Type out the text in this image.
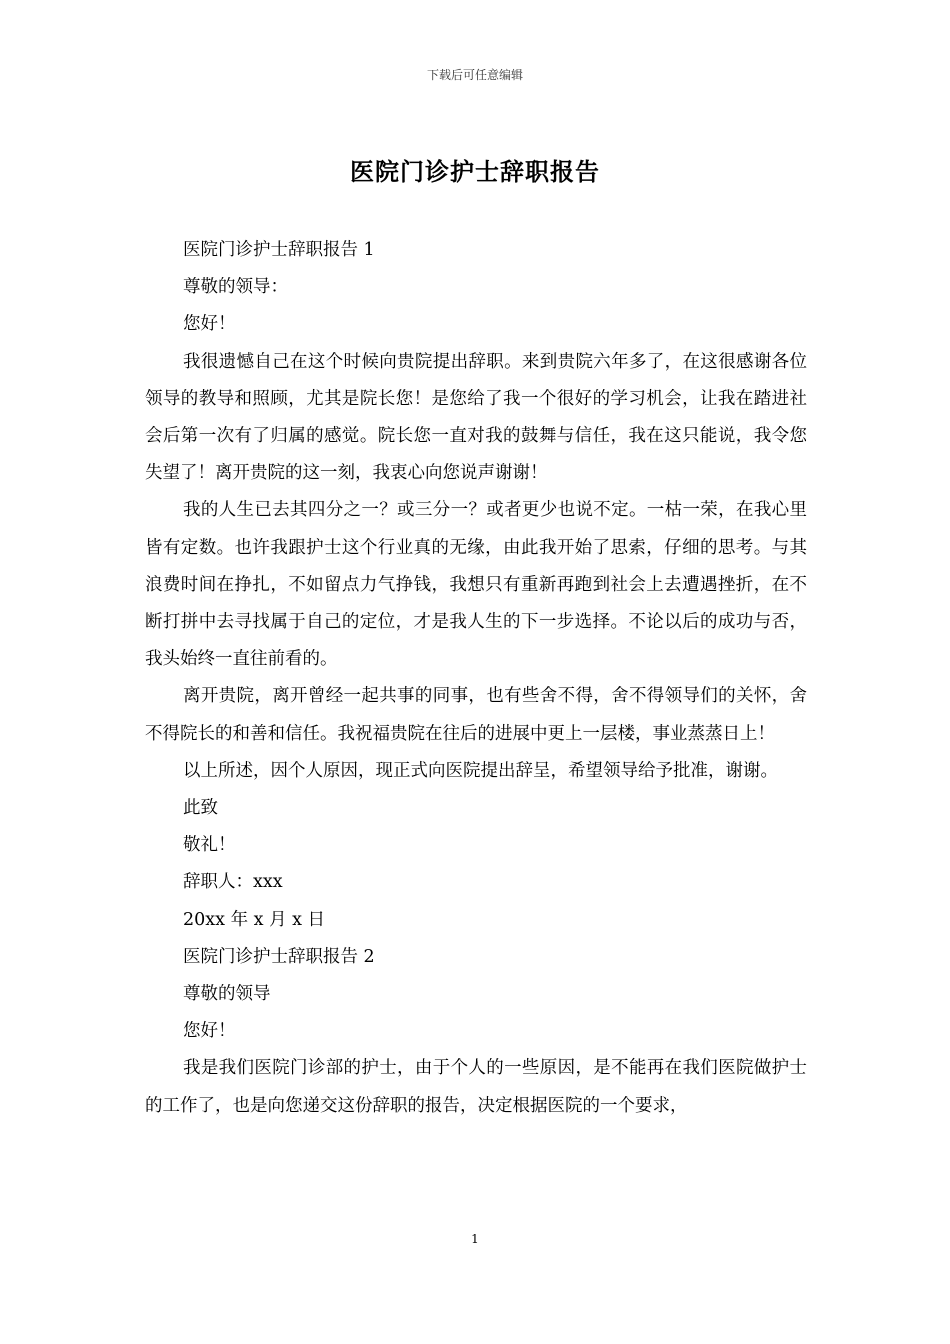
下载后可任意编辑
医院门诊护士辞职报告

医院门诊护士辞职报告 1

尊敬的领导：

您好！

我很遗憾自己在这个时候向贵院提出辞职。来到贵院六年多了，在这很感谢各位领导的教导和照顾，尤其是院长您！是您给了我一个很好的学习机会，让我在踏进社会后第一次有了归属的感觉。院长您一直对我的鼓舞与信任，我在这只能说，我令您失望了！离开贵院的这一刻，我衷心向您说声谢谢！

我的人生已去其四分之一？或三分一？或者更少也说不定。一枯一荣，在我心里皆有定数。也许我跟护士这个行业真的无缘，由此我开始了思索，仔细的思考。与其浪费时间在挣扎，不如留点力气挣钱，我想只有重新再跑到社会上去遭遇挫折，在不断打拼中去寻找属于自己的定位，才是我人生的下一步选择。不论以后的成功与否，我头始终一直往前看的。

离开贵院，离开曾经一起共事的同事，也有些舍不得，舍不得领导们的关怀，舍不得院长的和善和信任。我祝福贵院在往后的进展中更上一层楼，事业蒸蒸日上！

以上所述，因个人原因，现正式向医院提出辞呈，希望领导给予批准，谢谢。

此致

敬礼！

辞职人：xxx

20xx 年 x 月 x 日

医院门诊护士辞职报告 2

尊敬的领导

您好！

我是我们医院门诊部的护士，由于个人的一些原因，是不能再在我们医院做护士的工作了，也是向您递交这份辞职的报告，决定根据医院的一个要求，

1
